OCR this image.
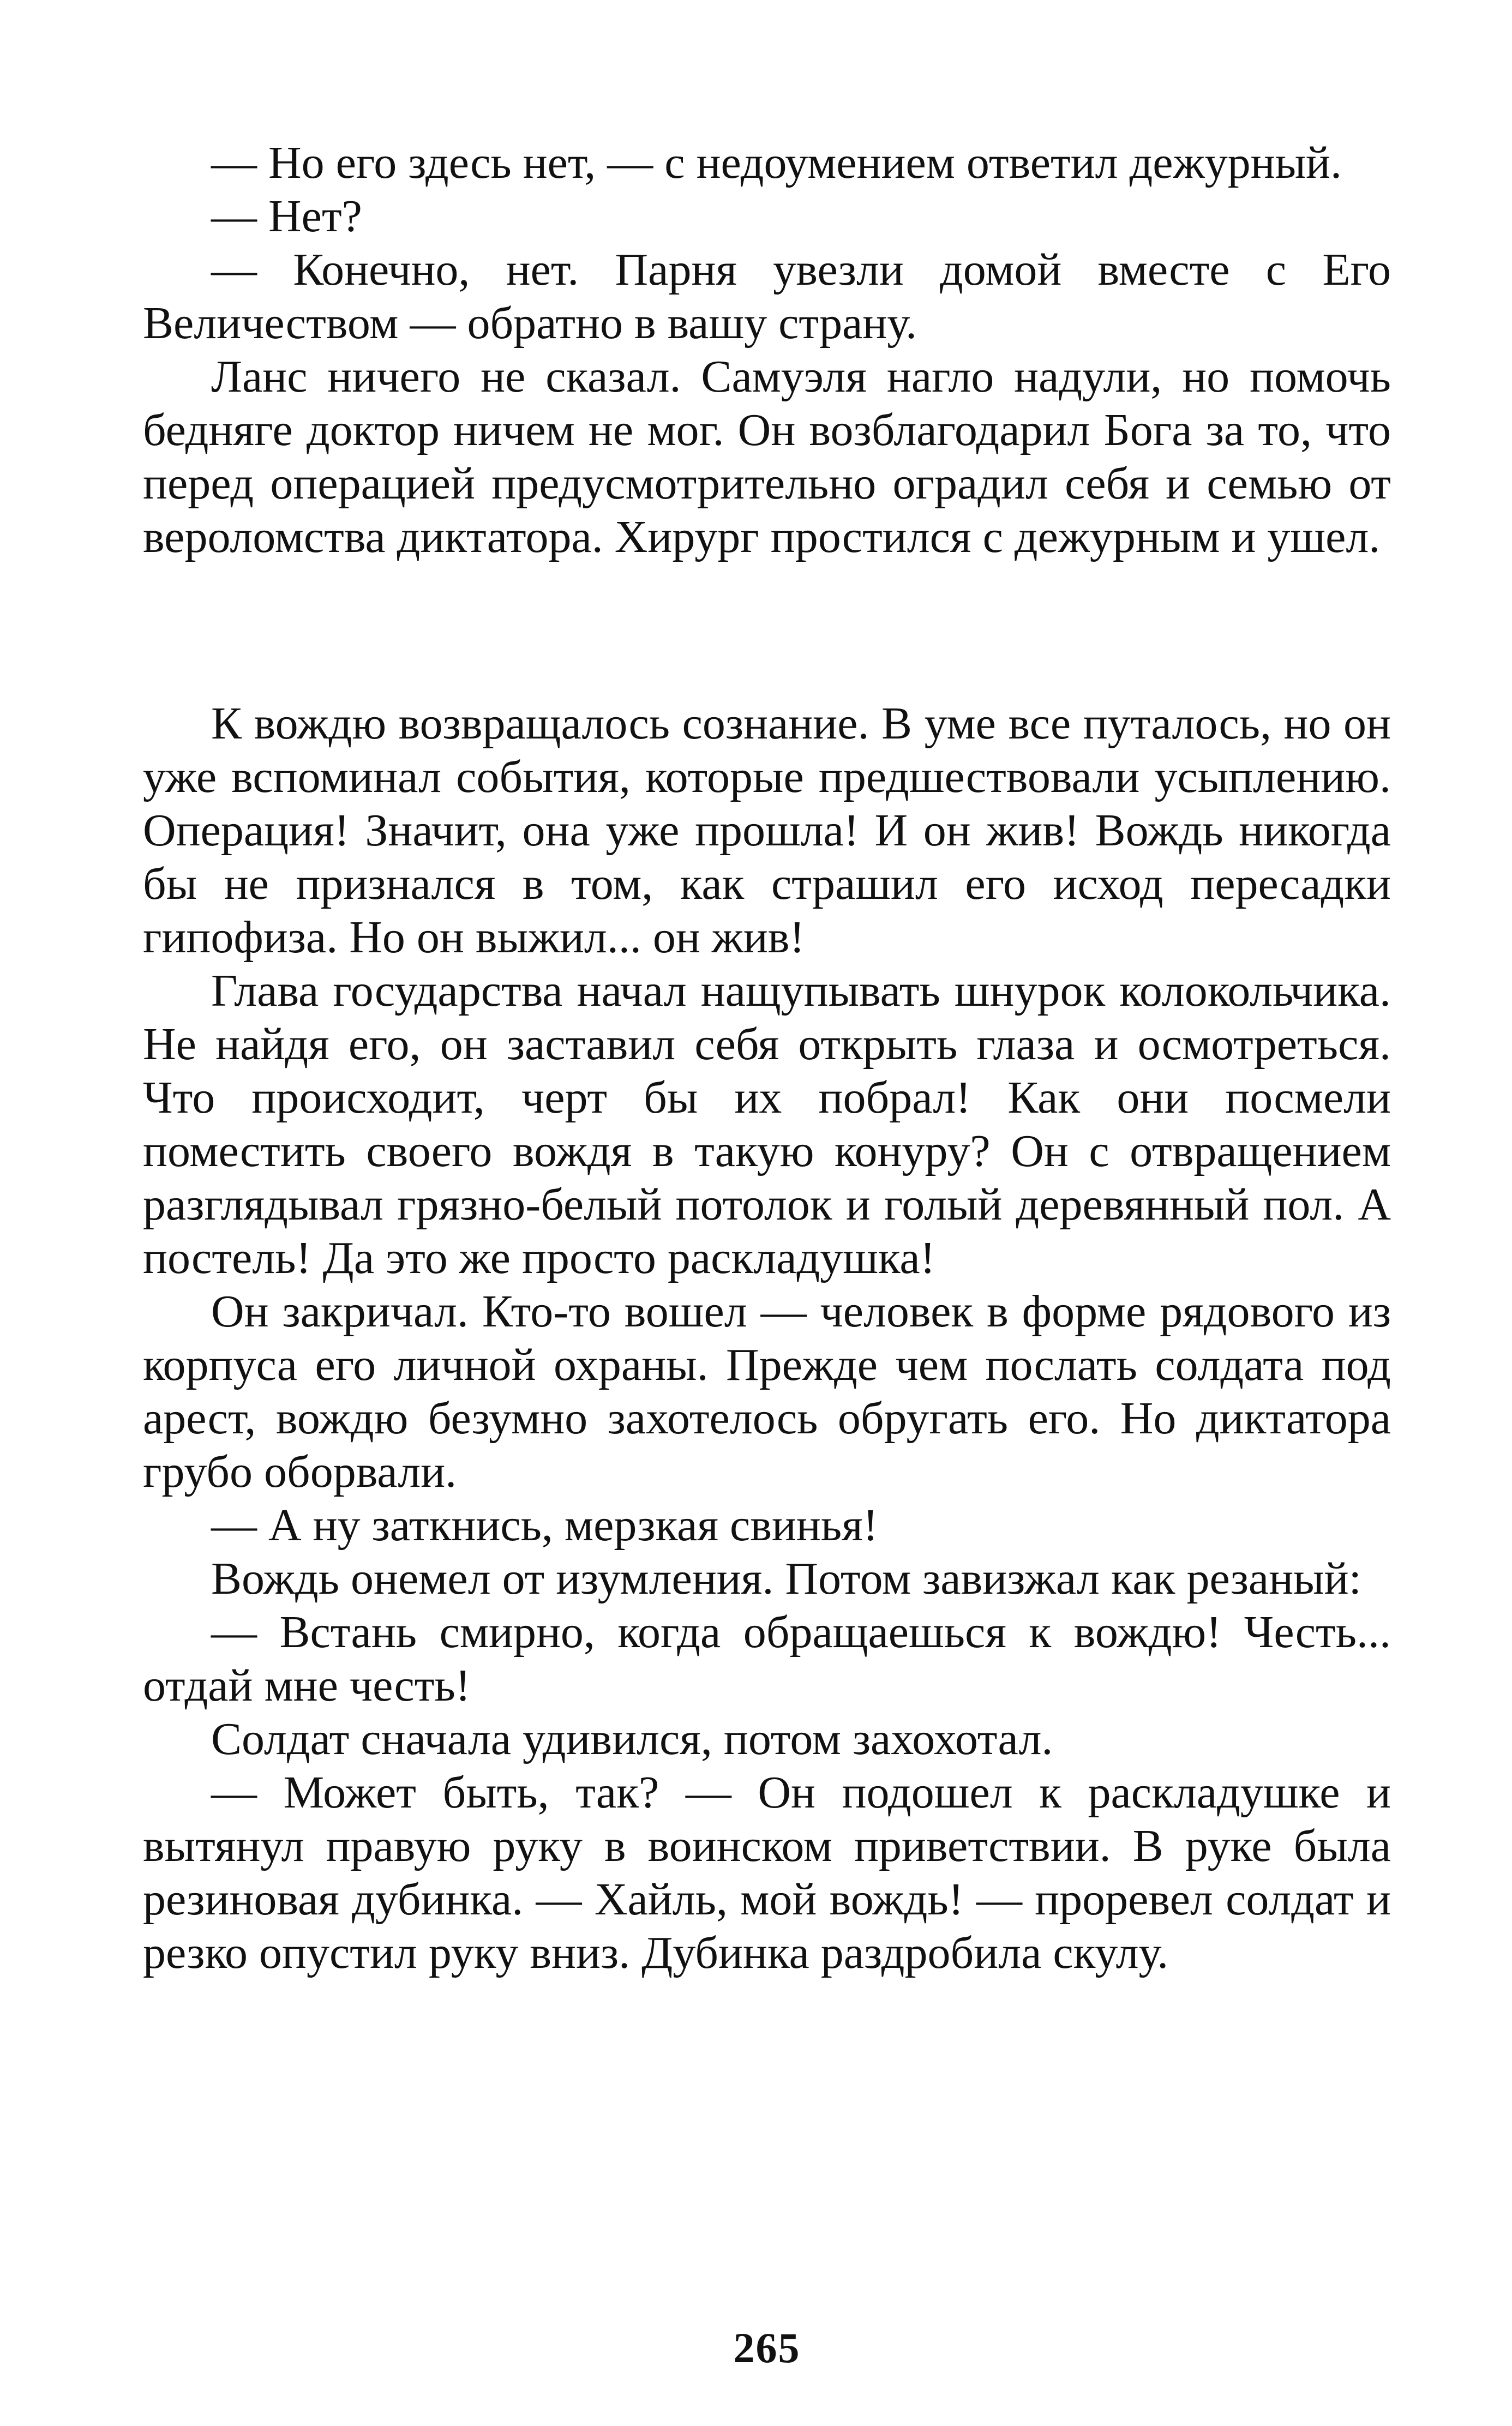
— Но его здесь нет, — с недоумением ответил дежурный.

— Нет?

— Конечно, нет. Парня увезли домой вместе с Его Величеством — обратно в вашу страну.

Ланс ничего не сказал. Самуэля нагло надули, но помочь бедняге доктор ничем не мог. Он возблагодарил Бога за то, что перед операцией предусмотрительно оградил себя и семью от вероломства диктатора. Хирург простился с дежурным и ушел.

К вождю возвращалось сознание. В уме все путалось, но он уже вспоминал события, которые предшествовали усыплению. Операция! Значит, она уже прошла! И он жив! Вождь никогда бы не признался в том, как страшил его исход пересадки гипофиза. Но он выжил... он жив!

Глава государства начал нащупывать шнурок колокольчика. Не найдя его, он заставил себя открыть глаза и осмотреться. Что происходит, черт бы их побрал! Как они посмели поместить своего вождя в такую конуру? Он с отвращением разглядывал грязно-белый потолок и голый деревянный пол. А постель! Да это же просто раскладушка!

Он закричал. Кто-то вошел — человек в форме рядового из корпуса его личной охраны. Прежде чем послать солдата под арест, вождю безумно захотелось обругать его. Но диктатора грубо оборвали.

— А ну заткнись, мерзкая свинья!

Вождь онемел от изумления. Потом завизжал как резаный:

— Встань смирно, когда обращаешься к вождю! Честь... отдай мне честь!

Солдат сначала удивился, потом захохотал.

— Может быть, так? — Он подошел к раскладушке и вытянул правую руку в воинском приветствии. В руке была резиновая дубинка. — Хайль, мой вождь! — проревел солдат и резко опустил руку вниз. Дубинка раздробила скулу.

265
